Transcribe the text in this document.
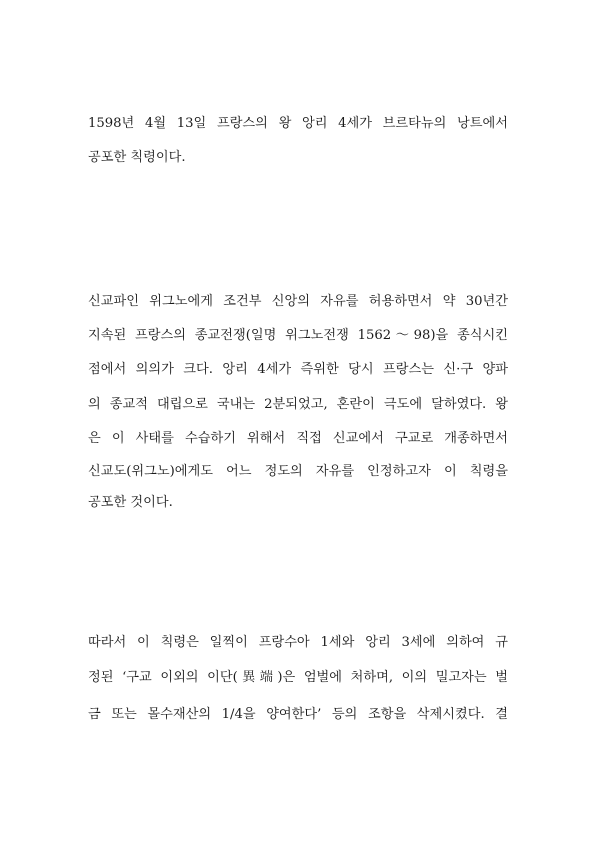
1598년 4월 13일 프랑스의 왕 앙리 4세가 브르타뉴의 낭트에서
공포한 칙령이다.
신교파인 위그노에게 조건부 신앙의 자유를 허용하면서 약 30년간
지속된 프랑스의 종교전쟁(일명 위그노전쟁 1562～98)을 종식시킨
점에서 의의가 크다. 앙리 4세가 즉위한 당시 프랑스는 신·구 양파
의 종교적 대립으로 국내는 2분되었고, 혼란이 극도에 달하였다. 왕
은 이 사태를 수습하기 위해서 직접 신교에서 구교로 개종하면서
신교도(위그노)에게도 어느 정도의 자유를 인정하고자 이 칙령을
공포한 것이다.
따라서 이 칙령은 일찍이 프랑수아 1세와 앙리 3세에 의하여 규
정된 ‘구교 이외의 이단(異端)은 엄벌에 처하며, 이의 밀고자는 벌
금 또는 몰수재산의 1/4을 양여한다’ 등의 조항을 삭제시켰다. 결
